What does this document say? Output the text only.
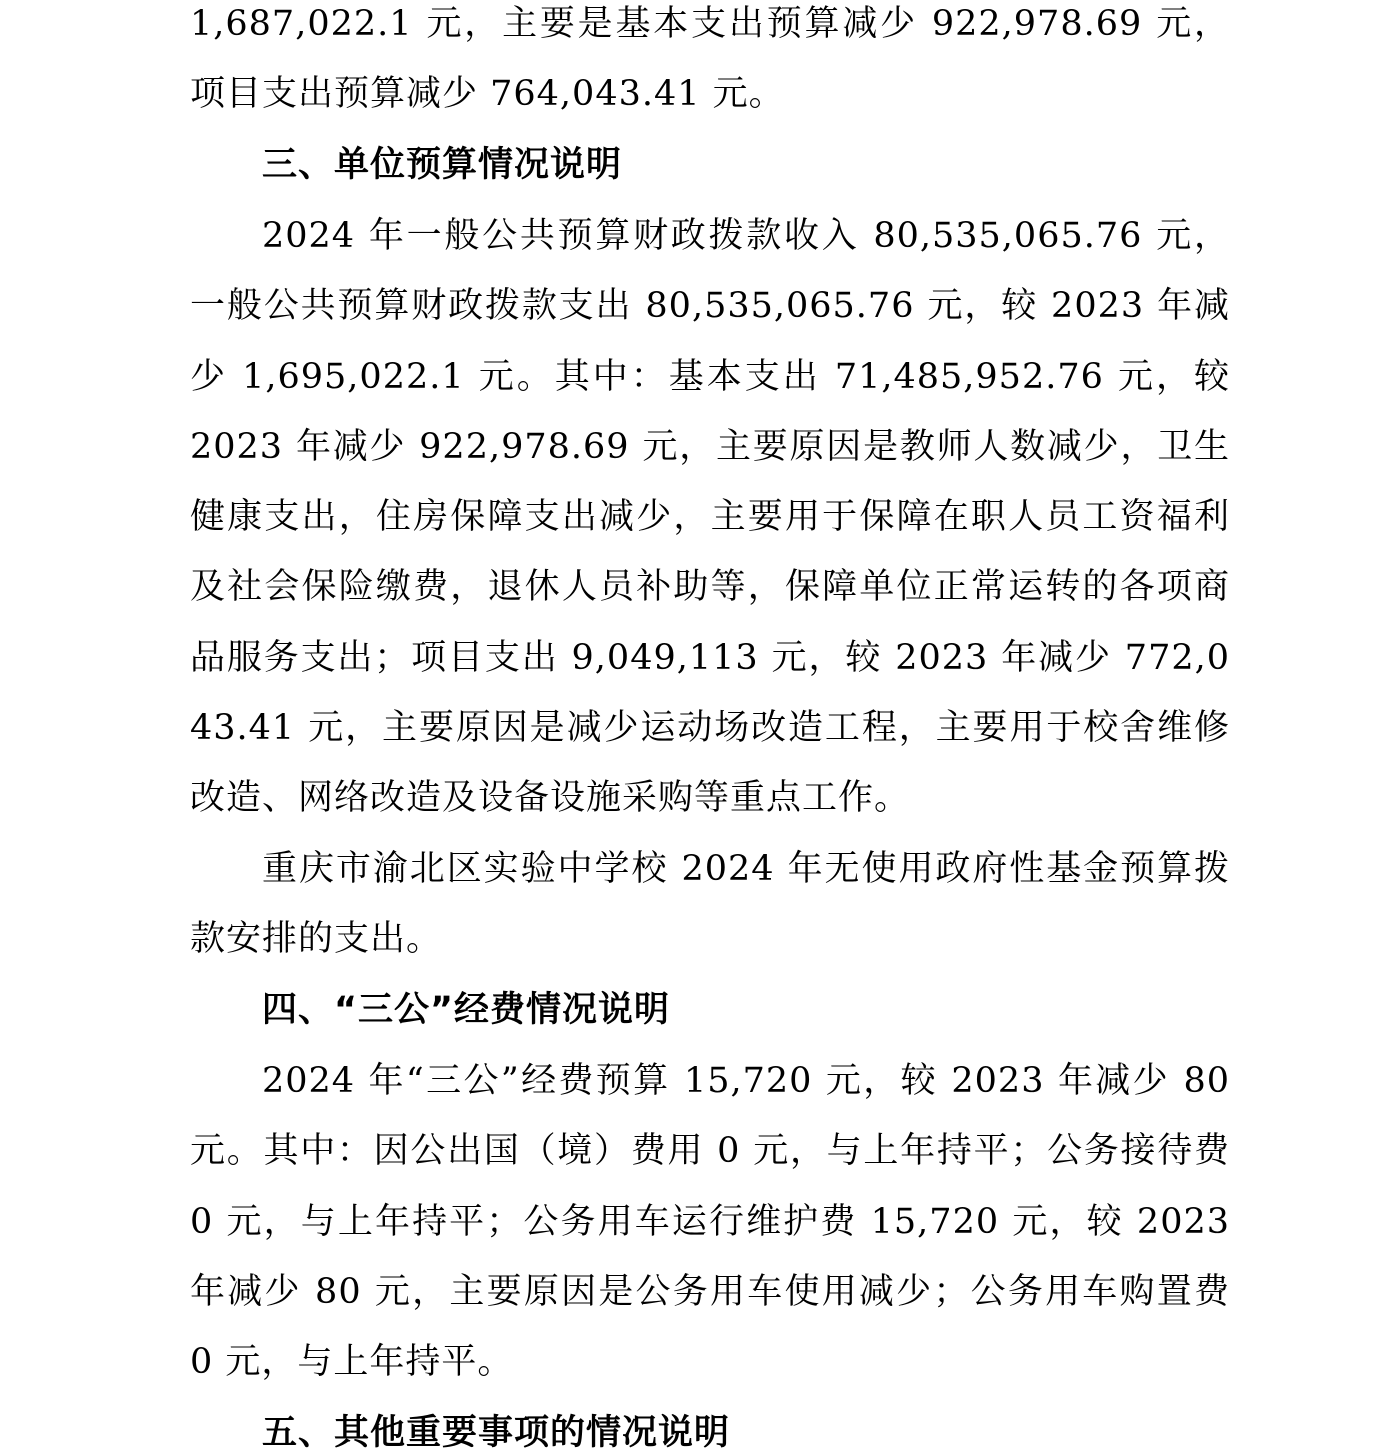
1,687,022.1 元，主要是基本支出预算减少 922,978.69 元，项目支出预算减少 764,043.41 元。

三、单位预算情况说明

2024 年一般公共预算财政拨款收入 80,535,065.76 元，一般公共预算财政拨款支出 80,535,065.76 元，较 2023 年减少 1,695,022.1 元。其中：基本支出 71,485,952.76 元，较 2023 年减少 922,978.69 元，主要原因是教师人数减少，卫生健康支出，住房保障支出减少，主要用于保障在职人员工资福利及社会保险缴费，退休人员补助等，保障单位正常运转的各项商品服务支出；项目支出 9,049,113 元，较 2023 年减少 772,043.41 元，主要原因是减少运动场改造工程，主要用于校舍维修改造、网络改造及设备设施采购等重点工作。

重庆市渝北区实验中学校 2024 年无使用政府性基金预算拨款安排的支出。

四、“三公”经费情况说明

2024 年“三公”经费预算 15,720 元，较 2023 年减少 80 元。其中：因公出国（境）费用 0 元，与上年持平；公务接待费 0 元，与上年持平；公务用车运行维护费 15,720 元，较 2023 年减少 80 元，主要原因是公务用车使用减少；公务用车购置费 0 元，与上年持平。

五、其他重要事项的情况说明
